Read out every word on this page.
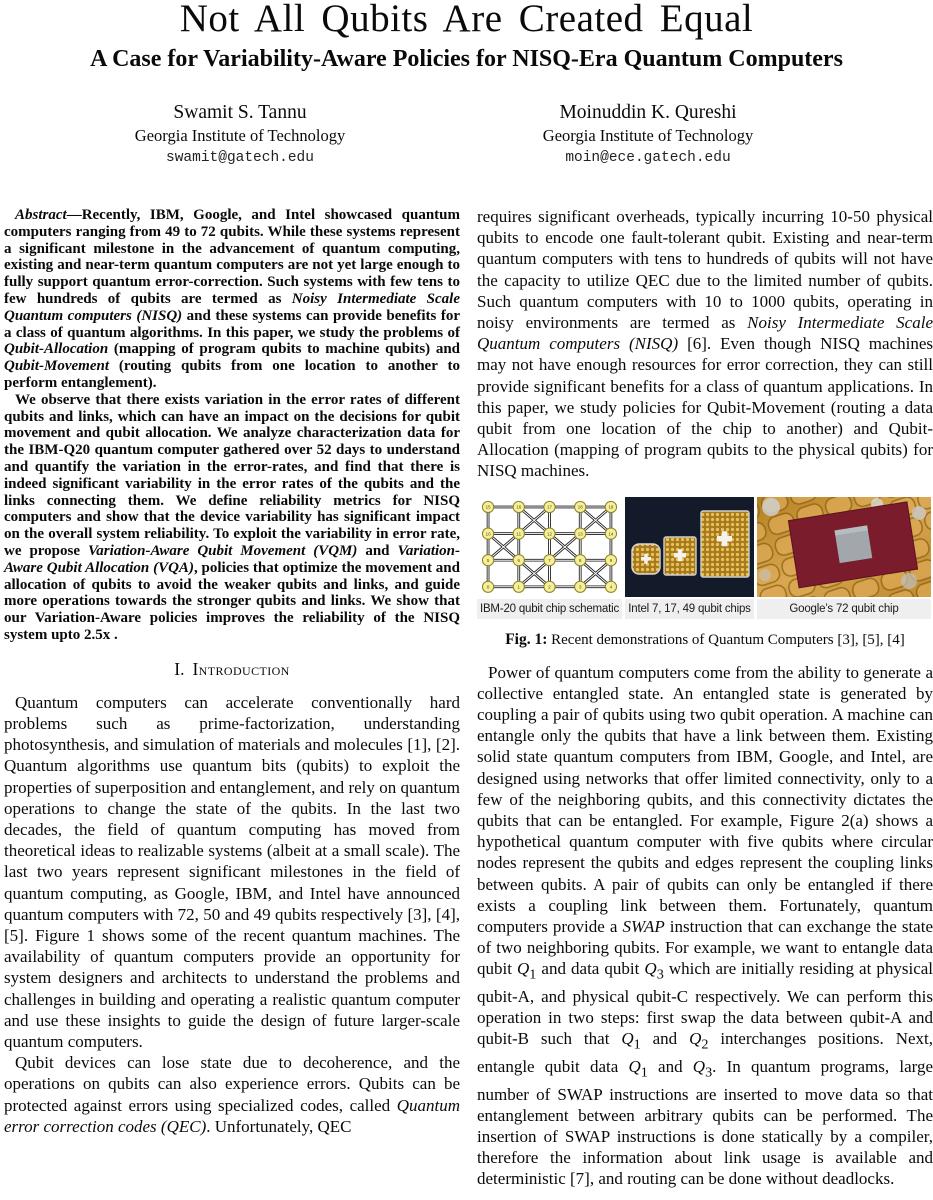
Not All Qubits Are Created Equal
A Case for Variability-Aware Policies for NISQ-Era Quantum Computers
Swamit S. Tannu
Georgia Institute of Technology
swamit@gatech.edu
Moinuddin K. Qureshi
Georgia Institute of Technology
moin@ece.gatech.edu

Abstract—Recently, IBM, Google, and Intel showcased quantum computers ranging from 49 to 72 qubits. While these systems represent a significant milestone in the advancement of quantum computing, existing and near-term quantum computers are not yet large enough to fully support quantum error-correction. Such systems with few tens to few hundreds of qubits are termed as Noisy Intermediate Scale Quantum computers (NISQ) and these systems can provide benefits for a class of quantum algorithms. In this paper, we study the problems of Qubit-Allocation (mapping of program qubits to machine qubits) and Qubit-Movement (routing qubits from one location to another to perform entanglement).

We observe that there exists variation in the error rates of different qubits and links, which can have an impact on the decisions for qubit movement and qubit allocation. We analyze characterization data for the IBM-Q20 quantum computer gathered over 52 days to understand and quantify the variation in the error-rates, and find that there is indeed significant variability in the error rates of the qubits and the links connecting them. We define reliability metrics for NISQ computers and show that the device variability has significant impact on the overall system reliability. To exploit the variability in error rate, we propose Variation-Aware Qubit Movement (VQM) and Variation-Aware Qubit Allocation (VQA), policies that optimize the movement and allocation of qubits to avoid the weaker qubits and links, and guide more operations towards the stronger qubits and links. We show that our Variation-Aware policies improves the reliability of the NISQ system upto 2.5x .

I. Introduction

Quantum computers can accelerate conventionally hard problems such as prime-factorization, understanding photosynthesis, and simulation of materials and molecules [1], [2]. Quantum algorithms use quantum bits (qubits) to exploit the properties of superposition and entanglement, and rely on quantum operations to change the state of the qubits. In the last two decades, the field of quantum computing has moved from theoretical ideas to realizable systems (albeit at a small scale). The last two years represent significant milestones in the field of quantum computing, as Google, IBM, and Intel have announced quantum computers with 72, 50 and 49 qubits respectively [3], [4], [5]. Figure 1 shows some of the recent quantum machines. The availability of quantum computers provide an opportunity for system designers and architects to understand the problems and challenges in building and operating a realistic quantum computer and use these insights to guide the design of future larger-scale quantum computers.

Qubit devices can lose state due to decoherence, and the operations on qubits can also experience errors. Qubits can be protected against errors using specialized codes, called Quantum error correction codes (QEC). Unfortunately, QEC

requires significant overheads, typically incurring 10-50 physical qubits to encode one fault-tolerant qubit. Existing and near-term quantum computers with tens to hundreds of qubits will not have the capacity to utilize QEC due to the limited number of qubits. Such quantum computers with 10 to 1000 qubits, operating in noisy environments are termed as Noisy Intermediate Scale Quantum computers (NISQ) [6]. Even though NISQ machines may not have enough resources for error correction, they can still provide significant benefits for a class of quantum applications. In this paper, we study policies for Qubit-Movement (routing a data qubit from one location of the chip to another) and Qubit-Allocation (mapping of program qubits to the physical qubits) for NISQ machines.

15	16	17	18	19
10	11	12	13	14
5	6	7	8	9
0	1	2	3	4
IBM-20 qubit chip schematic Intel 7, 17, 49 qubit chips	Google’s 72 qubit chip
Fig. 1: Recent demonstrations of Quantum Computers [3], [5], [4]

Power of quantum computers come from the ability to generate a collective entangled state. An entangled state is generated by coupling a pair of qubits using two qubit operation. A machine can entangle only the qubits that have a link between them. Existing solid state quantum computers from IBM, Google, and Intel, are designed using networks that offer limited connectivity, only to a few of the neighboring qubits, and this connectivity dictates the qubits that can be entangled. For example, Figure 2(a) shows a hypothetical quantum computer with five qubits where circular nodes represent the qubits and edges represent the coupling links between qubits. A pair of qubits can only be entangled if there exists a coupling link between them. Fortunately, quantum computers provide a SWAP instruction that can exchange the state of two neighboring qubits. For example, we want to entangle data qubit $Q_1$ and data qubit $Q_3$ which are initially residing at physical qubit-A, and physical qubit-C respectively. We can perform this operation in two steps: first swap the data between qubit-A and qubit-B such that $Q_1$ and $Q_2$ interchanges positions. Next, entangle qubit data $Q_1$ and $Q_3$. In quantum programs, large number of SWAP instructions are inserted to move data so that entanglement between arbitrary qubits can be performed. The insertion of SWAP instructions is done statically by a compiler, therefore the information about link usage is available and deterministic [7], and routing can be done without deadlocks.
